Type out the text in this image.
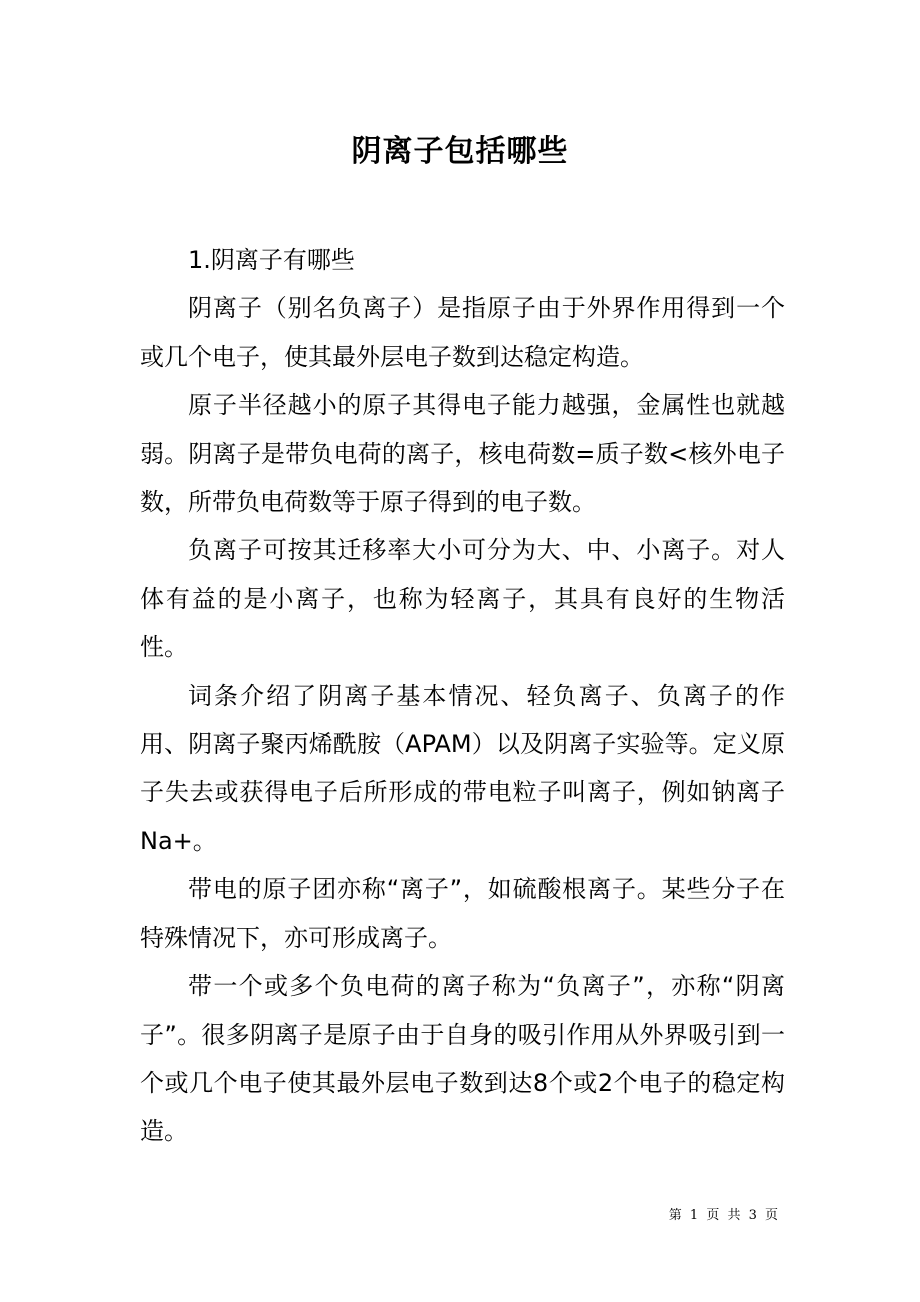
阴离子包括哪些

1.阴离子有哪些

阴离子（别名负离子）是指原子由于外界作用得到一个或几个电子，使其最外层电子数到达稳定构造。

原子半径越小的原子其得电子能力越强，金属性也就越弱。阴离子是带负电荷的离子，核电荷数=质子数<核外电子数，所带负电荷数等于原子得到的电子数。

负离子可按其迁移率大小可分为大、中、小离子。对人体有益的是小离子，也称为轻离子，其具有良好的生物活性。

词条介绍了阴离子基本情况、轻负离子、负离子的作用、阴离子聚丙烯酰胺（APAM）以及阴离子实验等。定义原子失去或获得电子后所形成的带电粒子叫离子，例如钠离子 Na+。

带电的原子团亦称“离子”，如硫酸根离子。某些分子在特殊情况下，亦可形成离子。

带一个或多个负电荷的离子称为“负离子”，亦称“阴离子”。很多阴离子是原子由于自身的吸引作用从外界吸引到一个或几个电子使其最外层电子数到达8个或2个电子的稳定构造。

第 1 页 共 3 页
